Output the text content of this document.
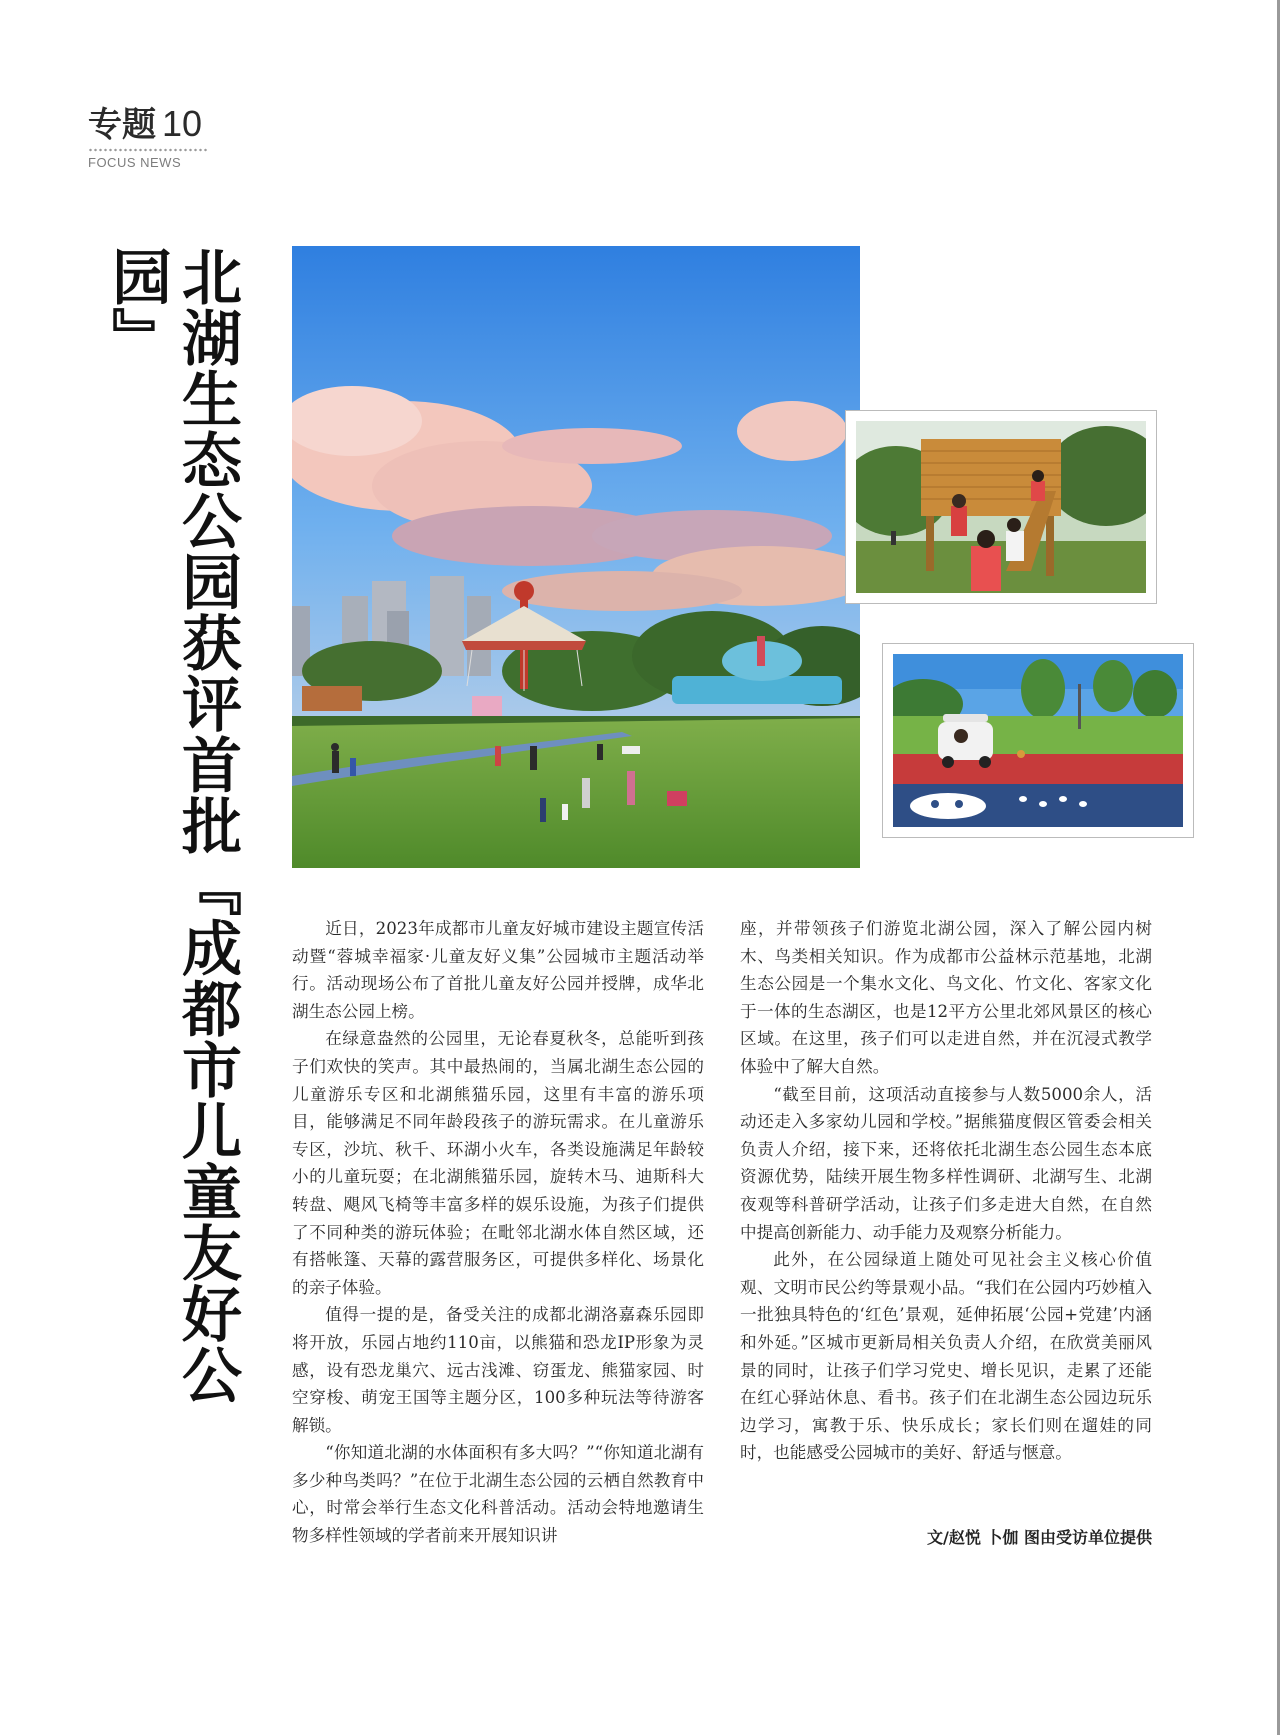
专题 10
FOCUS NEWS
北湖生态公园获评首批『成都市儿童友好公园』

近日，2023年成都市儿童友好城市建设主题宣传活动暨“蓉城幸福家·儿童友好义集”公园城市主题活动举行。活动现场公布了首批儿童友好公园并授牌，成华北湖生态公园上榜。

在绿意盎然的公园里，无论春夏秋冬，总能听到孩子们欢快的笑声。其中最热闹的，当属北湖生态公园的儿童游乐专区和北湖熊猫乐园，这里有丰富的游乐项目，能够满足不同年龄段孩子的游玩需求。在儿童游乐专区，沙坑、秋千、环湖小火车，各类设施满足年龄较小的儿童玩耍；在北湖熊猫乐园，旋转木马、迪斯科大转盘、飓风飞椅等丰富多样的娱乐设施，为孩子们提供了不同种类的游玩体验；在毗邻北湖水体自然区域，还有搭帐篷、天幕的露营服务区，可提供多样化、场景化的亲子体验。

值得一提的是，备受关注的成都北湖洛嘉森乐园即将开放，乐园占地约110亩，以熊猫和恐龙IP形象为灵感，设有恐龙巢穴、远古浅滩、窃蛋龙、熊猫家园、时空穿梭、萌宠王国等主题分区，100多种玩法等待游客解锁。

“你知道北湖的水体面积有多大吗？”“你知道北湖有多少种鸟类吗？”在位于北湖生态公园的云栖自然教育中心，时常会举行生态文化科普活动。活动会特地邀请生物多样性领域的学者前来开展知识讲

座，并带领孩子们游览北湖公园，深入了解公园内树木、鸟类相关知识。作为成都市公益林示范基地，北湖生态公园是一个集水文化、鸟文化、竹文化、客家文化于一体的生态湖区，也是12平方公里北郊风景区的核心区域。在这里，孩子们可以走进自然，并在沉浸式教学体验中了解大自然。

“截至目前，这项活动直接参与人数5000余人，活动还走入多家幼儿园和学校。”据熊猫度假区管委会相关负责人介绍，接下来，还将依托北湖生态公园生态本底资源优势，陆续开展生物多样性调研、北湖写生、北湖夜观等科普研学活动，让孩子们多走进大自然，在自然中提高创新能力、动手能力及观察分析能力。

此外，在公园绿道上随处可见社会主义核心价值观、文明市民公约等景观小品。“我们在公园内巧妙植入一批独具特色的‘红色’景观，延伸拓展‘公园+党建’内涵和外延。”区城市更新局相关负责人介绍，在欣赏美丽风景的同时，让孩子们学习党史、增长见识，走累了还能在红心驿站休息、看书。孩子们在北湖生态公园边玩乐边学习，寓教于乐、快乐成长；家长们则在遛娃的同时，也能感受公园城市的美好、舒适与惬意。

文/赵悦 卜伽 图由受访单位提供
